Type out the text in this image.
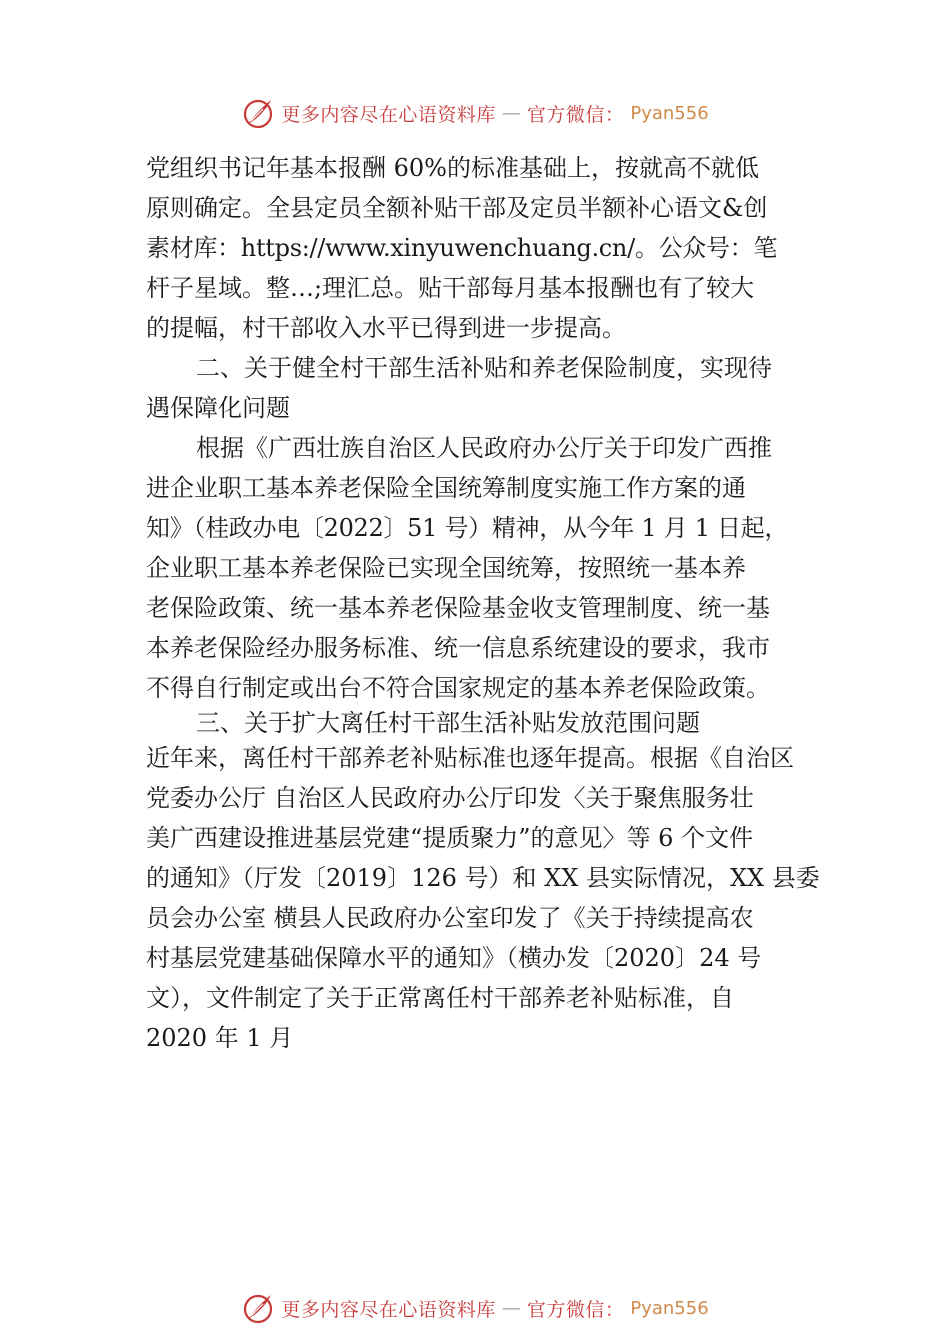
更多内容尽在心语资料库 — 官方微信： Pyan556
党组织书记年基本报酬 60%的标准基础上，按就高不就低
原则确定。全县定员全额补贴干部及定员半额补心语文&创
素材库：https://www.xinyuwenchuang.cn/。公众号：笔
杆子星域。整…;理汇总。贴干部每月基本报酬也有了较大
的提幅，村干部收入水平已得到进一步提高。
二、关于健全村干部生活补贴和养老保险制度，实现待
遇保障化问题
根据《广西壮族自治区人民政府办公厅关于印发广西推
进企业职工基本养老保险全国统筹制度实施工作方案的通
知》（桂政办电〔2022〕51 号）精神，从今年 1 月 1 日起，
企业职工基本养老保险已实现全国统筹，按照统一基本养
老保险政策、统一基本养老保险基金收支管理制度、统一基
本养老保险经办服务标准、统一信息系统建设的要求，我市
不得自行制定或出台不符合国家规定的基本养老保险政策。
三、关于扩大离任村干部生活补贴发放范围问题
近年来，离任村干部养老补贴标准也逐年提高。根据《自治区
党委办公厅 自治区人民政府办公厅印发〈关于聚焦服务壮
美广西建设推进基层党建“提质聚力”的意见〉等 6 个文件
的通知》（厅发〔2019〕126 号）和 XX 县实际情况，XX 县委
员会办公室 横县人民政府办公室印发了《关于持续提高农
村基层党建基础保障水平的通知》（横办发〔2020〕24 号
文），文件制定了关于正常离任村干部养老补贴标准，自
2020 年 1 月
更多内容尽在心语资料库 — 官方微信： Pyan556
